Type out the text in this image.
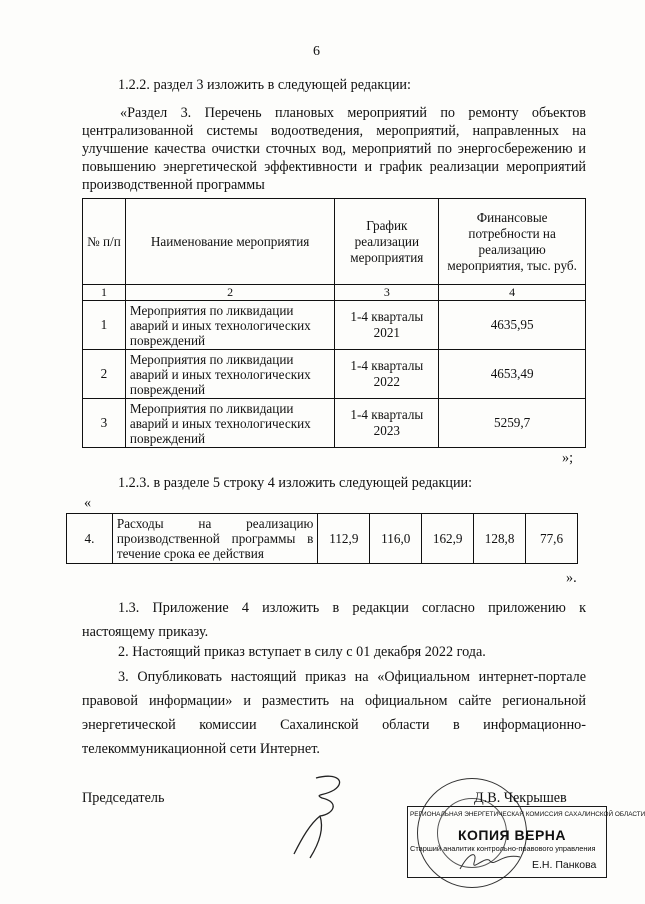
6
1.2.2. раздел 3 изложить в следующей редакции:
«Раздел 3. Перечень плановых мероприятий по ремонту объектов
централизованной системы водоотведения, мероприятий, направленных на
улучшение качества очистки сточных вод, мероприятий по энергосбережению и
повышению энергетической эффективности и график реализации мероприятий
производственной программы
№ п/п	Наименование мероприятия	График реализации мероприятия	Финансовые потребности на реализацию мероприятия, тыс. руб.
1	2	3	4
1	Мероприятия по ликвидации аварий и иных технологических повреждений	1-4 кварталы 2021	4635,95
2	Мероприятия по ликвидации аварий и иных технологических повреждений	1-4 кварталы 2022	4653,49
3	Мероприятия по ликвидации аварий и иных технологических повреждений	1-4 кварталы 2023	5259,7
»;
1.2.3. в разделе 5 строку 4 изложить следующей редакции:
«
4.	Расходы на реализацию производственной программы в течение срока ее действия	112,9	116,0	162,9	128,8	77,6
».
1.3. Приложение 4 изложить в редакции согласно приложению к
настоящему приказу.
2. Настоящий приказ вступает в силу с 01 декабря 2022 года.
3. Опубликовать настоящий приказ на «Официальном интернет-портале
правовой информации» и разместить на официальном сайте региональной
энергетической комиссии Сахалинской области в информационно-
телекоммуникационной сети Интернет.
Председатель	Д.В. Чекрышев
РЕГИОНАЛЬНАЯ ЭНЕРГЕТИЧЕСКАЯ КОМИССИЯ САХАЛИНСКОЙ ОБЛАСТИ
КОПИЯ ВЕРНА
Старший аналитик контрольно-правового управления
Е.Н. Панкова
